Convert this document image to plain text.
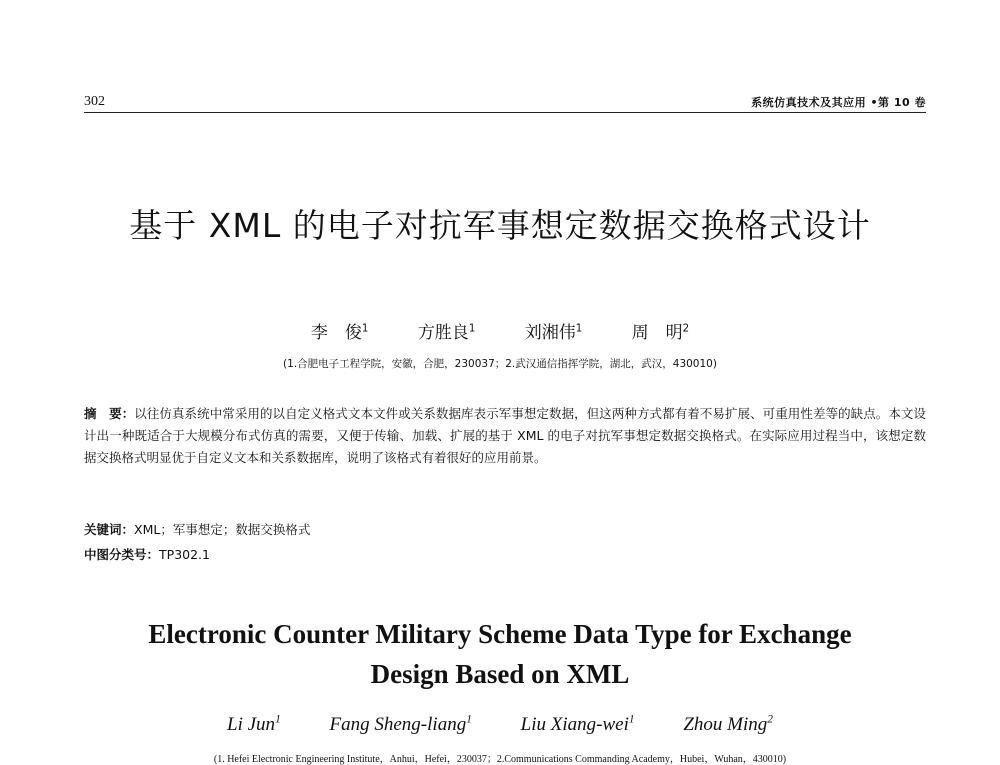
302	系统仿真技术及其应用 •第 10 卷
基于 XML 的电子对抗军事想定数据交换格式设计
李　俊$^1$	方胜良$^1$	刘湘伟$^1$	周　明$^2$
(1.合肥电子工程学院，安徽，合肥，230037；2.武汉通信指挥学院，湖北，武汉，430010)
摘　要：以往仿真系统中常采用的以自定义格式文本文件或关系数据库表示军事想定数据，但这两种方式都有着不易扩展、可重用性差等的缺点。本文设计出一种既适合于大规模分布式仿真的需要，又便于传输、加载、扩展的基于 XML 的电子对抗军事想定数据交换格式。在实际应用过程当中，该想定数据交换格式明显优于自定义文本和关系数据库，说明了该格式有着很好的应用前景。
关键词：XML；军事想定；数据交换格式
中图分类号：TP302.1
Electronic Counter Military Scheme Data Type for Exchange
Design Based on XML
Li Jun$^1$	Fang Sheng-liang$^1$	Liu Xiang-wei$^1$	Zhou Ming$^2$
(1. Hefei Electronic Engineering Institute，Anhui，Hefei，230037；2.Communications Commanding Academy，Hubei，Wuhan，430010)
